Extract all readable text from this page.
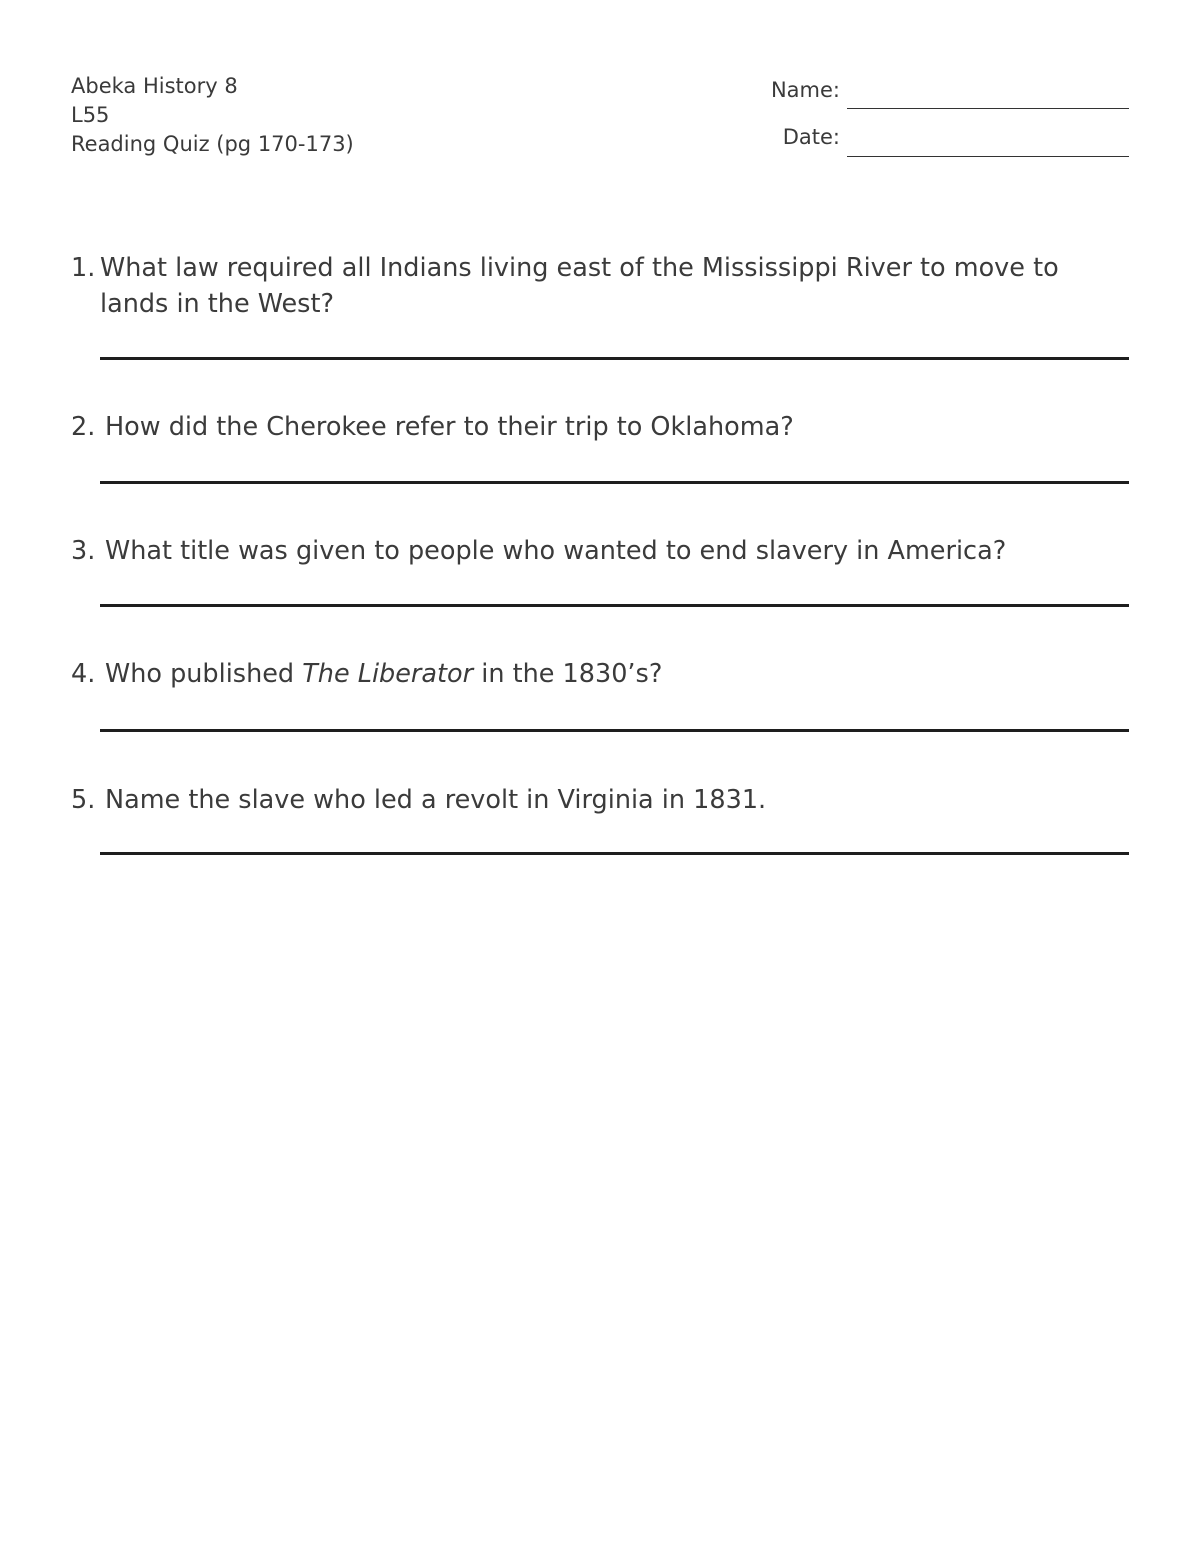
Abeka History 8
L55
Reading Quiz (pg 170-173)
Name:
Date:
1. What law required all Indians living east of the Mississippi River to move to lands in the West?
2. How did the Cherokee refer to their trip to Oklahoma?
3. What title was given to people who wanted to end slavery in America?
4. Who published The Liberator in the 1830’s?
5. Name the slave who led a revolt in Virginia in 1831.
